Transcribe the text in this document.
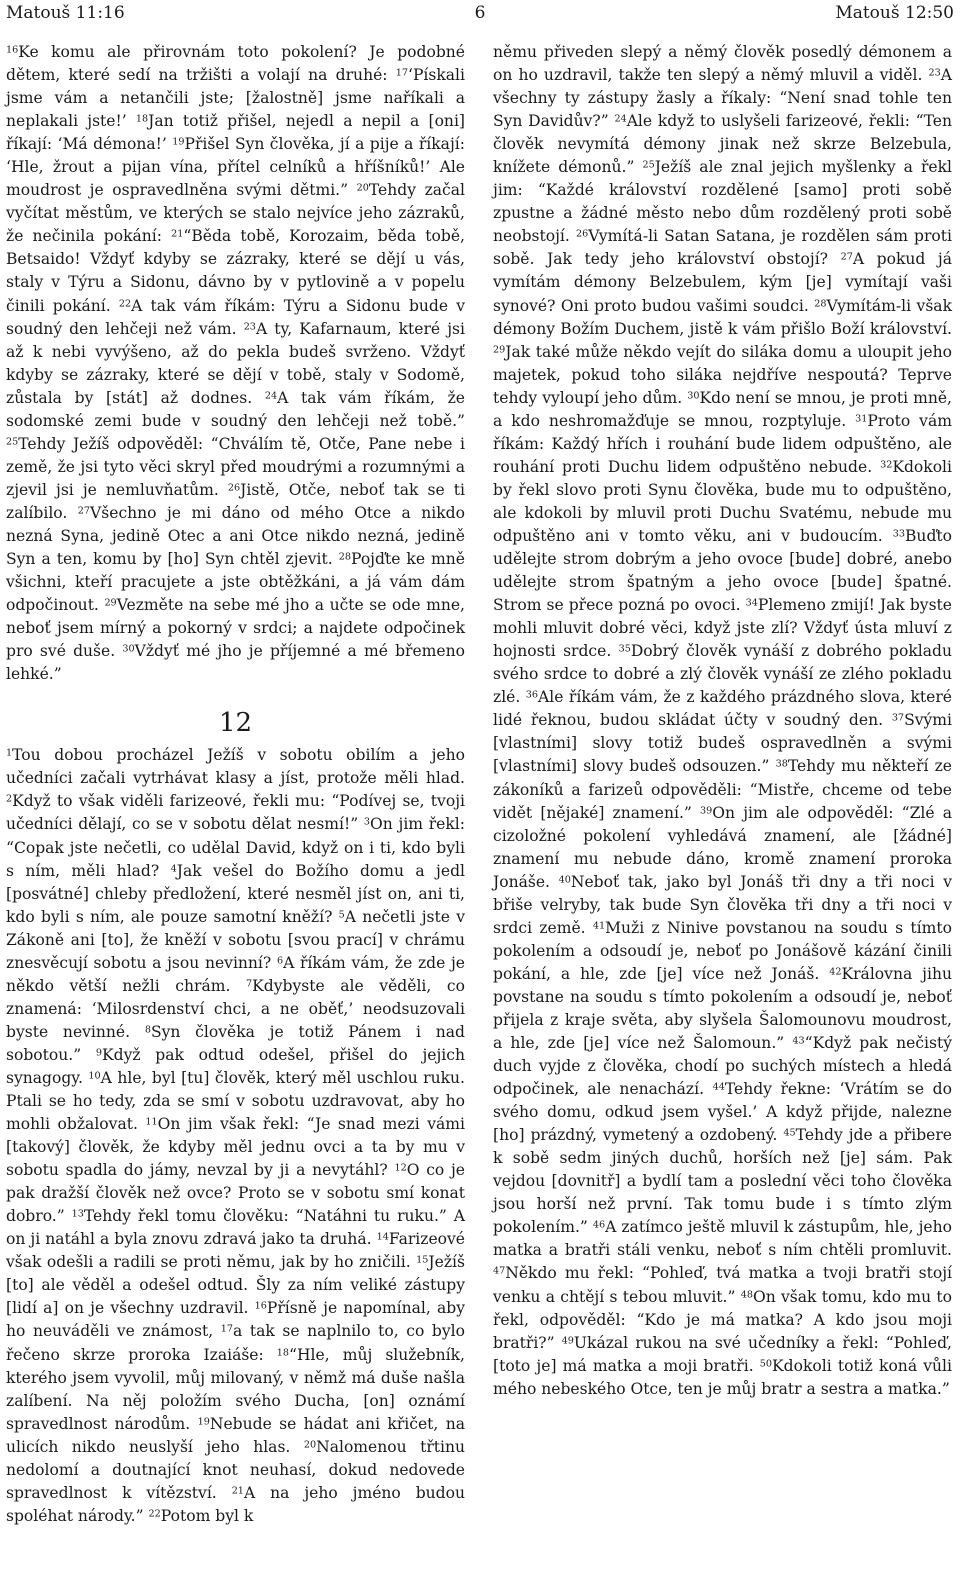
Matouš 11:16	6	Matouš 12:50

$^{16}$Ke komu ale přirovnám toto pokolení? Je podobné dětem, které sedí na tržišti a volají na druhé: $^{17}$‘Pískali jsme vám a netančili jste; [žalostně] jsme naříkali a neplakali jste!’ $^{18}$Jan totiž přišel, nejedl a nepil a [oni] říkají: ‘Má démona!’ $^{19}$Přišel Syn člověka, jí a pije a říkají: ‘Hle, žrout a pijan vína, přítel celníků a hříšníků!’ Ale moudrost je ospravedlněna svými dětmi.” $^{20}$Tehdy začal vyčítat městům, ve kterých se stalo nejvíce jeho zázraků, že nečinila pokání: $^{21}$“Běda tobě, Korozaim, běda tobě, Betsaido! Vždyť kdyby se zázraky, které se dějí u vás, staly v Týru a Sidonu, dávno by v pytlovině a v popelu činili pokání. $^{22}$A tak vám říkám: Týru a Sidonu bude v soudný den lehčeji než vám. $^{23}$A ty, Kafarnaum, které jsi až k nebi vyvýšeno, až do pekla budeš svrženo. Vždyť kdyby se zázraky, které se dějí v tobě, staly v Sodomě, zůstala by [stát] až dodnes. $^{24}$A tak vám říkám, že sodomské zemi bude v soudný den lehčeji než tobě.” $^{25}$Tehdy Ježíš odpověděl: “Chválím tě, Otče, Pane nebe i země, že jsi tyto věci skryl před moudrými a rozumnými a zjevil jsi je nemluvňatům. $^{26}$Jistě, Otče, neboť tak se ti zalíbilo. $^{27}$Všechno je mi dáno od mého Otce a nikdo nezná Syna, jedině Otec a ani Otce nikdo nezná, jedině Syn a ten, komu by [ho] Syn chtěl zjevit. $^{28}$Pojďte ke mně všichni, kteří pracujete a jste obtěžkáni, a já vám dám odpočinout. $^{29}$Vezměte na sebe mé jho a učte se ode mne, neboť jsem mírný a pokorný v srdci; a najdete odpočinek pro své duše. $^{30}$Vždyť mé jho je příjemné a mé břemeno lehké.”

12

$^1$Tou dobou procházel Ježíš v sobotu obilím a jeho učedníci začali vytrhávat klasy a jíst, protože měli hlad. $^2$Když to však viděli farizeové, řekli mu: “Podívej se, tvoji učedníci dělají, co se v sobotu dělat nesmí!” $^3$On jim řekl: “Copak jste nečetli, co udělal David, když on i ti, kdo byli s ním, měli hlad? $^4$Jak vešel do Božího domu a jedl [posvátné] chleby předložení, které nesměl jíst on, ani ti, kdo byli s ním, ale pouze samotní kněží? $^5$A nečetli jste v Zákoně ani [to], že kněží v sobotu [svou prací] v chrámu znesvěcují sobotu a jsou nevinní? $^6$A říkám vám, že zde je někdo větší nežli chrám. $^7$Kdybyste ale věděli, co znamená: ‘Milosrdenství chci, a ne oběť,’ neodsuzovali byste nevinné. $^8$Syn člověka je totiž Pánem i nad sobotou.” $^9$Když pak odtud odešel, přišel do jejich synagogy. $^{10}$A hle, byl [tu] člověk, který měl uschlou ruku. Ptali se ho tedy, zda se smí v sobotu uzdravovat, aby ho mohli obžalovat. $^{11}$On jim však řekl: “Je snad mezi vámi [takový] člověk, že kdyby měl jednu ovci a ta by mu v sobotu spadla do jámy, nevzal by ji a nevytáhl? $^{12}$O co je pak dražší člověk než ovce? Proto se v sobotu smí konat dobro.” $^{13}$Tehdy řekl tomu člověku: “Natáhni tu ruku.” A on ji natáhl a byla znovu zdravá jako ta druhá. $^{14}$Farizeové však odešli a radili se proti němu, jak by ho zničili. $^{15}$Ježíš [to] ale věděl a odešel odtud. Šly za ním veliké zástupy [lidí a] on je všechny uzdravil. $^{16}$Přísně je napomínal, aby ho neuváděli ve známost, $^{17}$a tak se naplnilo to, co bylo řečeno skrze proroka Izaiáše: $^{18}$“Hle, můj služebník, kterého jsem vyvolil, můj milovaný, v němž má duše našla zalíbení. Na něj položím svého Ducha, [on] oznámí spravedlnost národům. $^{19}$Nebude se hádat ani křičet, na ulicích nikdo neuslyší jeho hlas. $^{20}$Nalomenou třtinu nedolomí a doutnající knot neuhasí, dokud nedovede spravedlnost k vítězství. $^{21}$A na jeho jméno budou spoléhat národy.” $^{22}$Potom byl k

němu přiveden slepý a němý člověk posedlý démonem a on ho uzdravil, takže ten slepý a němý mluvil a viděl. $^{23}$A všechny ty zástupy žasly a říkaly: “Není snad tohle ten Syn Davidův?” $^{24}$Ale když to uslyšeli farizeové, řekli: “Ten člověk nevymítá démony jinak než skrze Belzebula, knížete démonů.” $^{25}$Ježíš ale znal jejich myšlenky a řekl jim: “Každé království rozdělené [samo] proti sobě zpustne a žádné město nebo dům rozdělený proti sobě neobstojí. $^{26}$Vymítá-li Satan Satana, je rozdělen sám proti sobě. Jak tedy jeho království obstojí? $^{27}$A pokud já vymítám démony Belzebulem, kým [je] vymítají vaši synové? Oni proto budou vašimi soudci. $^{28}$Vymítám-li však démony Božím Duchem, jistě k vám přišlo Boží království. $^{29}$Jak také může někdo vejít do siláka domu a uloupit jeho majetek, pokud toho siláka nejdříve nespoutá? Teprve tehdy vyloupí jeho dům. $^{30}$Kdo není se mnou, je proti mně, a kdo neshromažďuje se mnou, rozptyluje. $^{31}$Proto vám říkám: Každý hřích i rouhání bude lidem odpuštěno, ale rouhání proti Duchu lidem odpuštěno nebude. $^{32}$Kdokoli by řekl slovo proti Synu člověka, bude mu to odpuštěno, ale kdokoli by mluvil proti Duchu Svatému, nebude mu odpuštěno ani v tomto věku, ani v budoucím. $^{33}$Buďto udělejte strom dobrým a jeho ovoce [bude] dobré, anebo udělejte strom špatným a jeho ovoce [bude] špatné. Strom se přece pozná po ovoci. $^{34}$Plemeno zmijí! Jak byste mohli mluvit dobré věci, když jste zlí? Vždyť ústa mluví z hojnosti srdce. $^{35}$Dobrý člověk vynáší z dobrého pokladu svého srdce to dobré a zlý člověk vynáší ze zlého pokladu zlé. $^{36}$Ale říkám vám, že z každého prázdného slova, které lidé řeknou, budou skládat účty v soudný den. $^{37}$Svými [vlastními] slovy totiž budeš ospravedlněn a svými [vlastními] slovy budeš odsouzen.” $^{38}$Tehdy mu někteří ze zákoníků a farizeů odpověděli: “Mistře, chceme od tebe vidět [nějaké] znamení.” $^{39}$On jim ale odpověděl: “Zlé a cizoložné pokolení vyhledává znamení, ale [žádné] znamení mu nebude dáno, kromě znamení proroka Jonáše. $^{40}$Neboť tak, jako byl Jonáš tři dny a tři noci v břiše velryby, tak bude Syn člověka tři dny a tři noci v srdci země. $^{41}$Muži z Ninive povstanou na soudu s tímto pokolením a odsoudí je, neboť po Jonášově kázání činili pokání, a hle, zde [je] více než Jonáš. $^{42}$Královna jihu povstane na soudu s tímto pokolením a odsoudí je, neboť přijela z kraje světa, aby slyšela Šalomounovu moudrost, a hle, zde [je] více než Šalomoun.” $^{43}$“Když pak nečistý duch vyjde z člověka, chodí po suchých místech a hledá odpočinek, ale nenachází. $^{44}$Tehdy řekne: ‘Vrátím se do svého domu, odkud jsem vyšel.’ A když přijde, nalezne [ho] prázdný, vymetený a ozdobený. $^{45}$Tehdy jde a přibere k sobě sedm jiných duchů, horších než [je] sám. Pak vejdou [dovnitř] a bydlí tam a poslední věci toho člověka jsou horší než první. Tak tomu bude i s tímto zlým pokolením.” $^{46}$A zatímco ještě mluvil k zástupům, hle, jeho matka a bratři stáli venku, neboť s ním chtěli promluvit. $^{47}$Někdo mu řekl: “Pohleď, tvá matka a tvoji bratři stojí venku a chtějí s tebou mluvit.” $^{48}$On však tomu, kdo mu to řekl, odpověděl: “Kdo je má matka? A kdo jsou moji bratři?” $^{49}$Ukázal rukou na své učedníky a řekl: “Pohleď, [toto je] má matka a moji bratři. $^{50}$Kdokoli totiž koná vůli mého nebeského Otce, ten je můj bratr a sestra a matka.”
